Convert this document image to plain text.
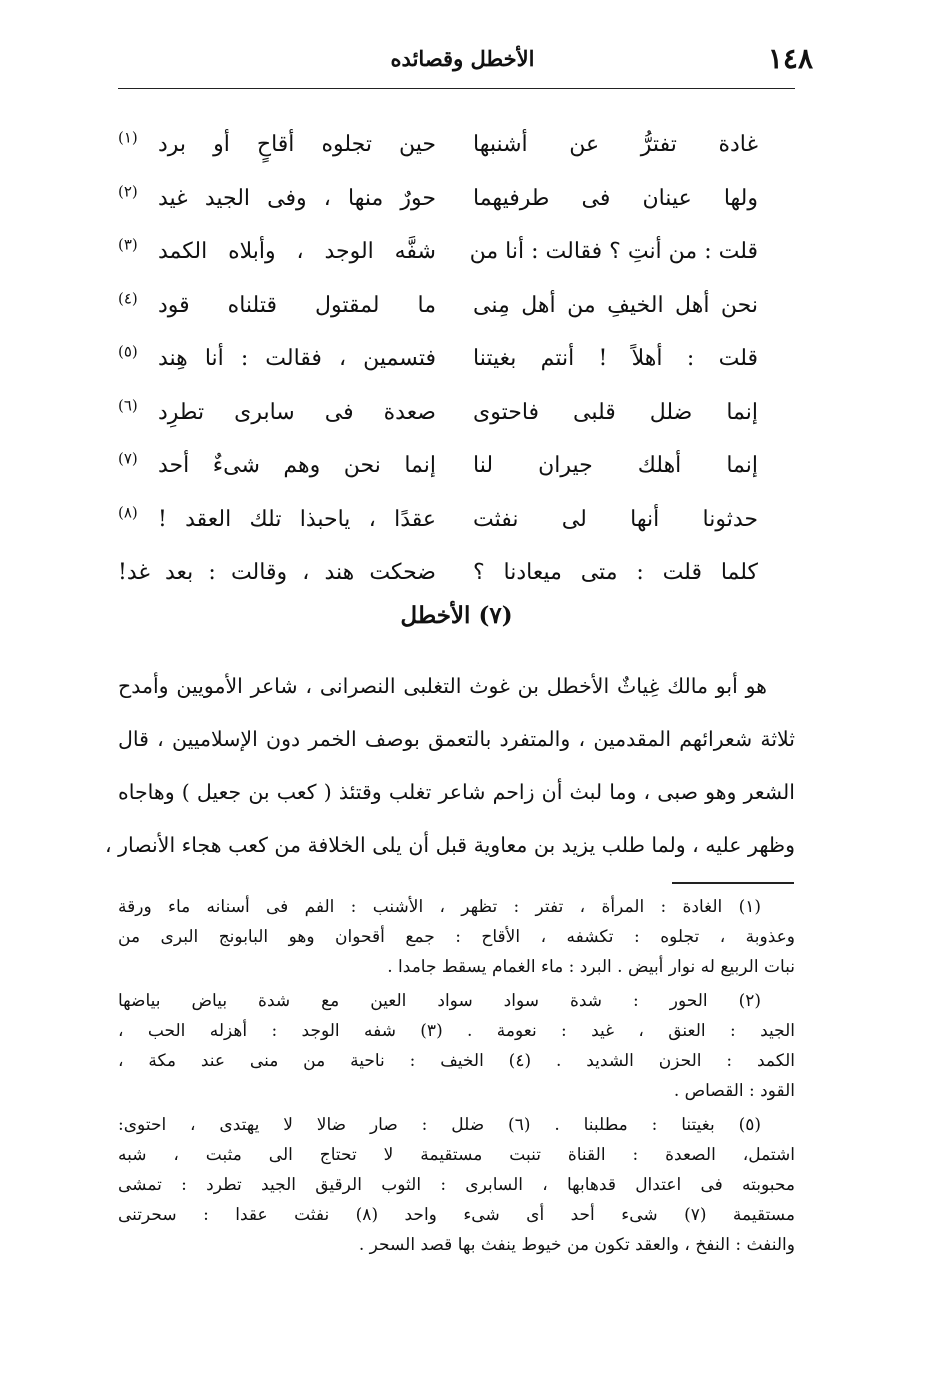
١٤٨
الأخطل وقصائده
غادة تفترُّ عن أشنبها
حين تجلوه أقاحٍ أو برد
$^{(١)}$
ولها عينان فى طرفيهما
حورٌ منها ، وفى الجيد غيد
$^{(٢)}$
قلت : من أنتِ ؟ فقالت : أنا من
شفَّه الوجد ، وأبلاه الكمد
$^{(٣)}$
نحن أهل الخيفِ من أهل مِنى
ما لمقتول قتلناه قود
$^{(٤)}$
قلت : أهلاً ! أنتم بغيتنا
فتسمين ، فقالت : أنا هِند
$^{(٥)}$
إنما ضلل قلبى فاحتوى
صعدة فى سابرى تطرِد
$^{(٦)}$
إنما أهلك جيران لنا
إنما نحن وهم شىءٌ أحد
$^{(٧)}$
حدثونا أنها لى نفثت
عقدًا ، ياحبذا تلك العقد !
$^{(٨)}$
كلما قلت : متى ميعادنا ؟
ضحكت هند ، وقالت : بعد غد!
(٧) الأخطل
هو أبو مالك غِياثٌ الأخطل بن غوث التغلبى النصرانى ، شاعر الأمويين وأمدح
ثلاثة شعرائهم المقدمين ، والمتفرد بالتعمق بوصف الخمر دون الإسلاميين ، قال
الشعر وهو صبى ، وما لبث أن زاحم شاعر تغلب وقتئذ ( كعب بن جعيل ) وهاجاه
وظهر عليه ، ولما طلب يزيد بن معاوية قبل أن يلى الخلافة من كعب هجاء الأنصار ،
(١) الغادة : المرأة ، تفتر : تظهر ، الأشنب : الفم فى أسنانه ماء ورقة
وعذوبة ، تجلوه : تكشفه ، الأقاح : جمع أقحوان وهو البابونج البرى من
نبات الربيع له نوار أبيض . البرد : ماء الغمام يسقط جامدا .
(٢) الحور : شدة سواد سواد العين مع شدة بياض بياضها
الجيد : العنق ، غيد : نعومة . (٣) شفه الوجد : أهزله الحب ،
الكمد : الحزن الشديد . (٤) الخيف : ناحية من منى عند مكة ،
القود : القصاص .
(٥) بغيتنا : مطلبنا . (٦) ضلل : صار ضالا لا يهتدى ، احتوى:
اشتمل، الصعدة : القناة تنبت مستقيمة لا تحتاج الى مثبت ، شبه
محبوبته فى اعتدال قدهابها ، السابرى : الثوب الرقيق الجيد تطرد : تمشى
مستقيمة (٧) شىء أحد أى شىء واحد (٨) نفثت عقدا : سحرتنى
والنفث : النفخ ، والعقد تكون من خيوط ينفث بها قصد السحر .
